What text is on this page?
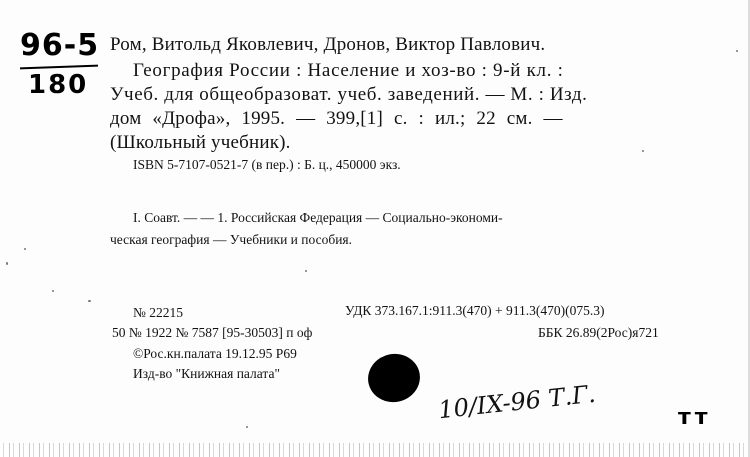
96-5
180
Ром, Витольд Яковлевич, Дронов, Виктор Павлович.
География России : Население и хоз-во : 9-й кл. :
Учеб. для общеобразоват. учеб. заведений. — М. : Изд.
дом «Дрофа», 1995. — 399,[1] с. : ил.; 22 см. —
(Школьный учебник).
ISBN 5-7107-0521-7 (в пер.) : Б. ц., 450000 экз.
I. Соавт. — — 1. Российская Федерация — Социально-экономи-
ческая география — Учебники и пособия.
№ 22215	УДК 373.167.1:911.3(470) + 911.3(470)(075.3)
50 № 1922 № 7587 [95-30503] п оф	ББК 26.89(2Рос)я721
©Рос.кн.палата 19.12.95 Р69
Изд-во "Книжная палата"
10/IX-96 Т.Г.	тт
